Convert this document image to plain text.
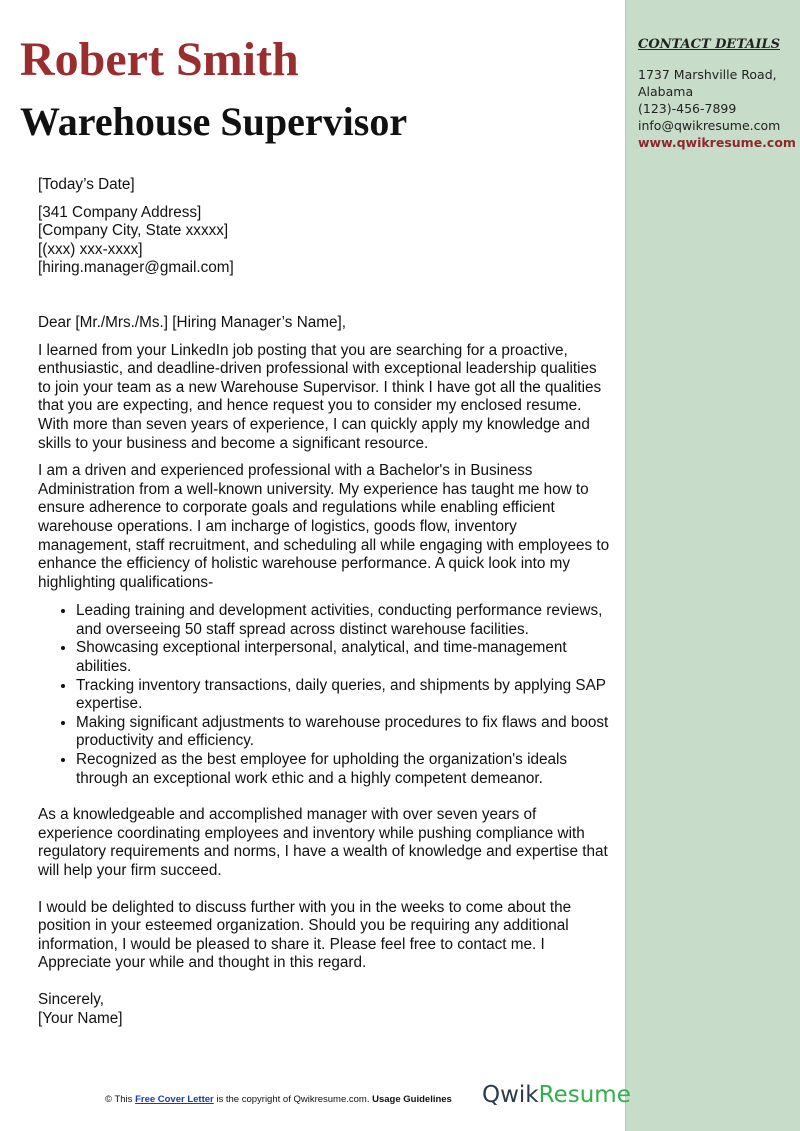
CONTACT DETAILS
1737 Marshville Road,
Alabama
(123)-456-7899
info@qwikresume.com
www.qwikresume.com
Robert Smith
Warehouse Supervisor

[Today’s Date]

[341 Company Address]
[Company City, State xxxxx]
[(xxx) xxx-xxxx]
[hiring.manager@gmail.com]

Dear [Mr./Mrs./Ms.] [Hiring Manager’s Name],

I learned from your LinkedIn job posting that you are searching for a proactive, enthusiastic, and deadline-driven professional with exceptional leadership qualities to join your team as a new Warehouse Supervisor. I think I have got all the qualities that you are expecting, and hence request you to consider my enclosed resume. With more than seven years of experience, I can quickly apply my knowledge and skills to your business and become a significant resource.

I am a driven and experienced professional with a Bachelor's in Business Administration from a well-known university. My experience has taught me how to ensure adherence to corporate goals and regulations while enabling efficient warehouse operations. I am incharge of logistics, goods flow, inventory management, staff recruitment, and scheduling all while engaging with employees to enhance the efficiency of holistic warehouse performance. A quick look into my highlighting qualifications-

• Leading training and development activities, conducting performance reviews, and overseeing 50 staff spread across distinct warehouse facilities.
• Showcasing exceptional interpersonal, analytical, and time-management abilities.
• Tracking inventory transactions, daily queries, and shipments by applying SAP expertise.
• Making significant adjustments to warehouse procedures to fix flaws and boost productivity and efficiency.
• Recognized as the best employee for upholding the organization's ideals through an exceptional work ethic and a highly competent demeanor.

As a knowledgeable and accomplished manager with over seven years of experience coordinating employees and inventory while pushing compliance with regulatory requirements and norms, I have a wealth of knowledge and expertise that will help your firm succeed.

I would be delighted to discuss further with you in the weeks to come about the position in your esteemed organization. Should you be requiring any additional information, I would be pleased to share it. Please feel free to contact me. I Appreciate your while and thought in this regard.

Sincerely,
[Your Name]

© This Free Cover Letter is the copyright of Qwikresume.com. Usage Guidelines QwikResume
